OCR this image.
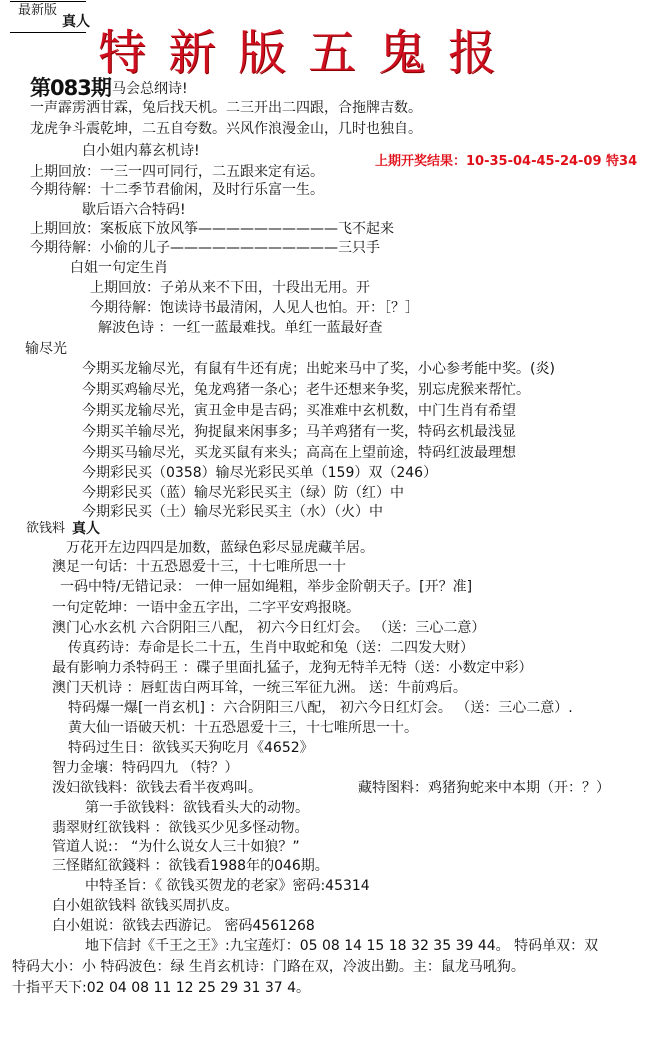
最新版
真人
特新版五鬼报
第083期
上期开奖结果：10-35-04-45-24-09 特34
马会总纲诗!
一声霹雳洒甘霖，兔后找天机。二三开出二四跟，合拖牌吉数。
龙虎争斗震乾坤，二五自夸数。兴风作浪漫金山，几时也独自。
白小姐内幕玄机诗!
上期回放：一三一四可同行，二五跟来定有运。
今期待解：十二季节君偷闲，及时行乐富一生。
歇后语六合特码!
上期回放：案板底下放风筝——————————飞不起来
今期待解：小偷的儿子————————————三只手
白姐一句定生肖
上期回放：子弟从来不下田，十段出无用。开
今期待解：饱读诗书最清闲，人见人也怕。开：［？］
解波色诗 ：一红一蓝最难找。单红一蓝最好查
输尽光
今期买龙输尽光，有鼠有牛还有虎；出蛇来马中了奖，小心参考能中奖。(炎)
今期买鸡输尽光，兔龙鸡猪一条心；老牛还想来争奖，别忘虎猴来帮忙。
今期买龙输尽光，寅丑金申是吉码；买准难中玄机数，中门生肖有希望
今期买羊输尽光，狗捉鼠来闲事多；马羊鸡猪有一奖，特码玄机最浅显
今期买马输尽光，买龙买鼠有来头；高高在上望前途，特码红波最理想
今期彩民买（0358）输尽光彩民买单（159）双（246）
今期彩民买（蓝）输尽光彩民买主（绿）防（红）中
今期彩民买（土）输尽光彩民买主（水）（火）中
欲钱料 真人
万花开左边四四是加数，蓝绿色彩尽显虎藏羊居。
澳足一句话：十五恐恩爱十三，十七唯所思一十
一码中特/无错记录： 一伸一屈如绳粗，举步金阶朝天子。[开？准]
一句定乾坤：一语中金五字出，二字平安鸡报晓。
澳门心水玄机 六合阴阳三八配， 初六今日红灯会。 （送：三心二意）
传真药诗：寿命是长二十五，生肖中取蛇和兔（送：二四发大财）
最有影响力杀特码王 ：碟子里面扎猛子，龙狗无特羊无特（送：小数定中彩）
澳门天机诗 ：唇虹齿白两耳耸，一统三军征九洲。 送：牛前鸡后。
特码爆一爆[一肖玄机] ：六合阴阳三八配， 初六今日红灯会。 （送：三心二意）.
黄大仙一语破天机：十五恐恩爱十三，十七唯所思一十。
特码过生日：欲钱买天狗吃月《4652》
智力金壤：特码四九 （特？）
泼妇欲钱料：欲钱去看半夜鸡叫。	藏特图料：鸡猪狗蛇来中本期（开：？）
第一手欲钱料：欲钱看头大的动物。
翡翠财红欲钱料 ：欲钱买少见多怪动物。
管道人说:： “为什么说女人三十如狼？”
三怪賭紅欲錢料 ：欲钱看1988年的046期。
中特圣旨：《 欲钱买贺龙的老家》密码:45314
白小姐欲钱料 欲钱买周扒皮。
白小姐说：欲钱去西游记。 密码4561268
地下信封《千王之王》:九宝莲灯：05 08 14 15 18 32 35 39 44。 特码单双：双
特码大小：小 特码波色：绿 生肖玄机诗：门路在双，冷波出勤。主：鼠龙马吼狗。
十指平天下:02 04 08 11 12 25 29 31 37 4。
